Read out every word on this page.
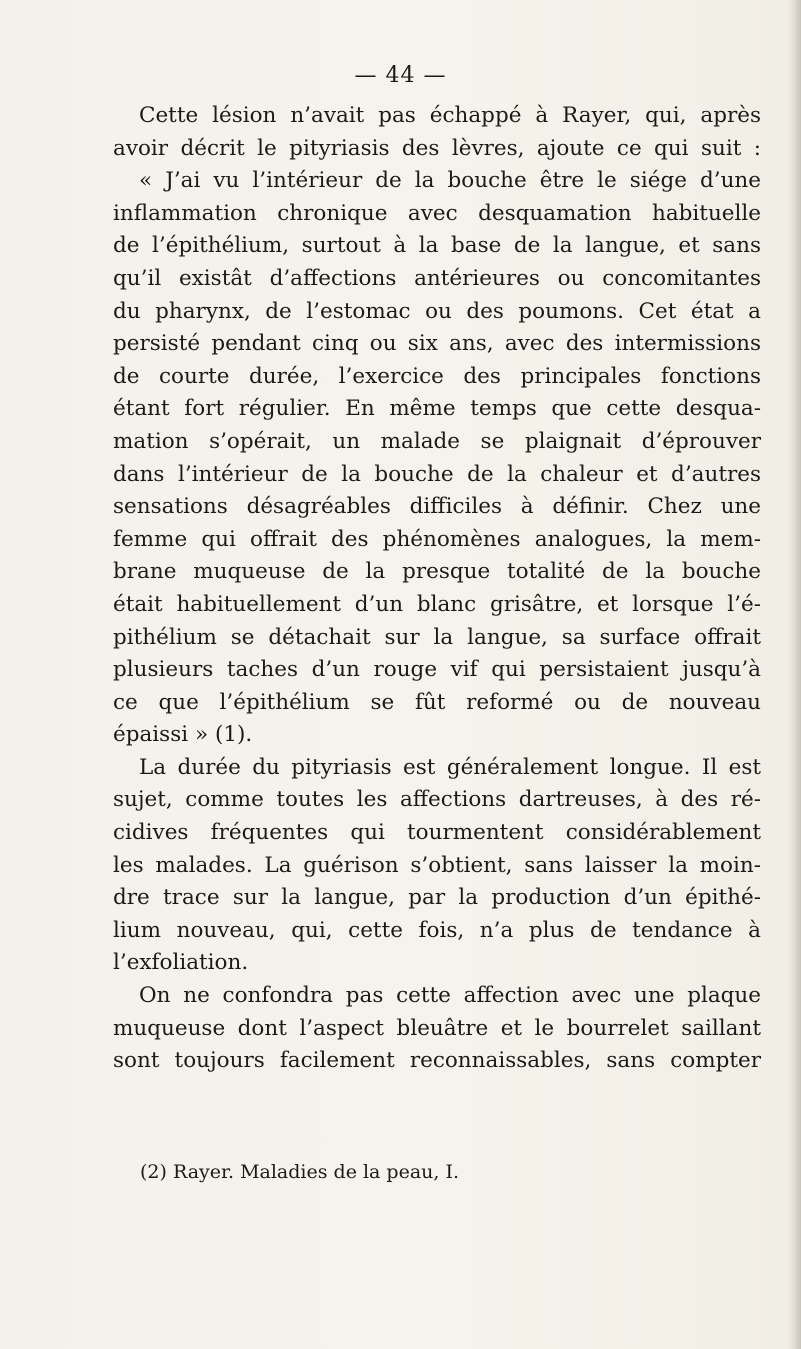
— 44 —
Cette lésion n’avait pas échappé à Rayer, qui, après
avoir décrit le pityriasis des lèvres, ajoute ce qui suit :
« J’ai vu l’intérieur de la bouche être le siége d’une
inflammation chronique avec desquamation habituelle
de l’épithélium, surtout à la base de la langue, et sans
qu’il existât d’affections antérieures ou concomitantes
du pharynx, de l’estomac ou des poumons. Cet état a
persisté pendant cinq ou six ans, avec des intermissions
de courte durée, l’exercice des principales fonctions
étant fort régulier. En même temps que cette desqua-
mation s’opérait, un malade se plaignait d’éprouver
dans l’intérieur de la bouche de la chaleur et d’autres
sensations désagréables difficiles à définir. Chez une
femme qui offrait des phénomènes analogues, la mem-
brane muqueuse de la presque totalité de la bouche
était habituellement d’un blanc grisâtre, et lorsque l’é-
pithélium se détachait sur la langue, sa surface offrait
plusieurs taches d’un rouge vif qui persistaient jusqu’à
ce que l’épithélium se fût reformé ou de nouveau
épaissi » (1).
La durée du pityriasis est généralement longue. Il est
sujet, comme toutes les affections dartreuses, à des ré-
cidives fréquentes qui tourmentent considérablement
les malades. La guérison s’obtient, sans laisser la moin-
dre trace sur la langue, par la production d’un épithé-
lium nouveau, qui, cette fois, n’a plus de tendance à
l’exfoliation.
On ne confondra pas cette affection avec une plaque
muqueuse dont l’aspect bleuâtre et le bourrelet saillant
sont toujours facilement reconnaissables, sans compter
(2) Rayer. Maladies de la peau, I.
